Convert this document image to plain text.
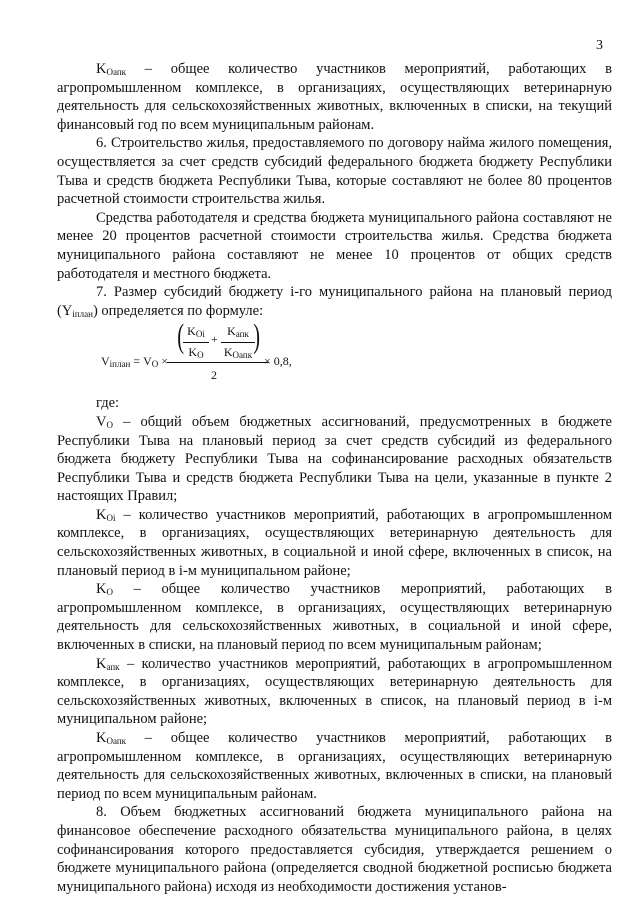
3

$K_{Оапк}$ – общее количество участников мероприятий, работающих в агропромышленном комплексе, в организациях, осуществляющих ветеринарную деятельность для сельскохозяйственных животных, включенных в списки, на текущий финансовый год по всем муниципальным районам.

6. Строительство жилья, предоставляемого по договору найма жилого помещения, осуществляется за счет средств субсидий федерального бюджета бюджету Республики Тыва и средств бюджета Республики Тыва, которые составляют не более 80 процентов расчетной стоимости строительства жилья.

Средства работодателя и средства бюджета муниципального района составляют не менее 20 процентов расчетной стоимости строительства жилья. Средства бюджета муниципального района составляют не менее 10 процентов от общих средств работодателя и местного бюджета.

7. Размер субсидий бюджету i-го муниципального района на плановый период $(Y_{iплан})$ определяется по формуле:

$V_{iплан} = V_O$ ×
( $K_{Oi}$
$K_O$
+
$K_{апк}$
$K_{Оапк}$ )
2
× 0,8,

где:

$V_O$ – общий объем бюджетных ассигнований, предусмотренных в бюджете Республики Тыва на плановый период за счет средств субсидий из федерального бюджета бюджету Республики Тыва на софинансирование расходных обязательств Республики Тыва и средств бюджета Республики Тыва на цели, указанные в пункте 2 настоящих Правил;

$K_{Oi}$ – количество участников мероприятий, работающих в агропромышленном комплексе, в организациях, осуществляющих ветеринарную деятельность для сельскохозяйственных животных, в социальной и иной сфере, включенных в список, на плановый период в i-м муниципальном районе;

$K_O$ – общее количество участников мероприятий, работающих в агропромышленном комплексе, в организациях, осуществляющих ветеринарную деятельность для сельскохозяйственных животных, в социальной и иной сфере, включенных в списки, на плановый период по всем муниципальным районам;

$K_{апк}$ – количество участников мероприятий, работающих в агропромышленном комплексе, в организациях, осуществляющих ветеринарную деятельность для сельскохозяйственных животных, включенных в список, на плановый период в i-м муниципальном районе;

$K_{Оапк}$ – общее количество участников мероприятий, работающих в агропромышленном комплексе, в организациях, осуществляющих ветеринарную деятельность для сельскохозяйственных животных, включенных в списки, на плановый период по всем муниципальным районам.

8. Объем бюджетных ассигнований бюджета муниципального района на финансовое обеспечение расходного обязательства муниципального района, в целях софинансирования которого предоставляется субсидия, утверждается решением о бюджете муниципального района (определяется сводной бюджетной росписью бюджета муниципального района) исходя из необходимости достижения установ-
